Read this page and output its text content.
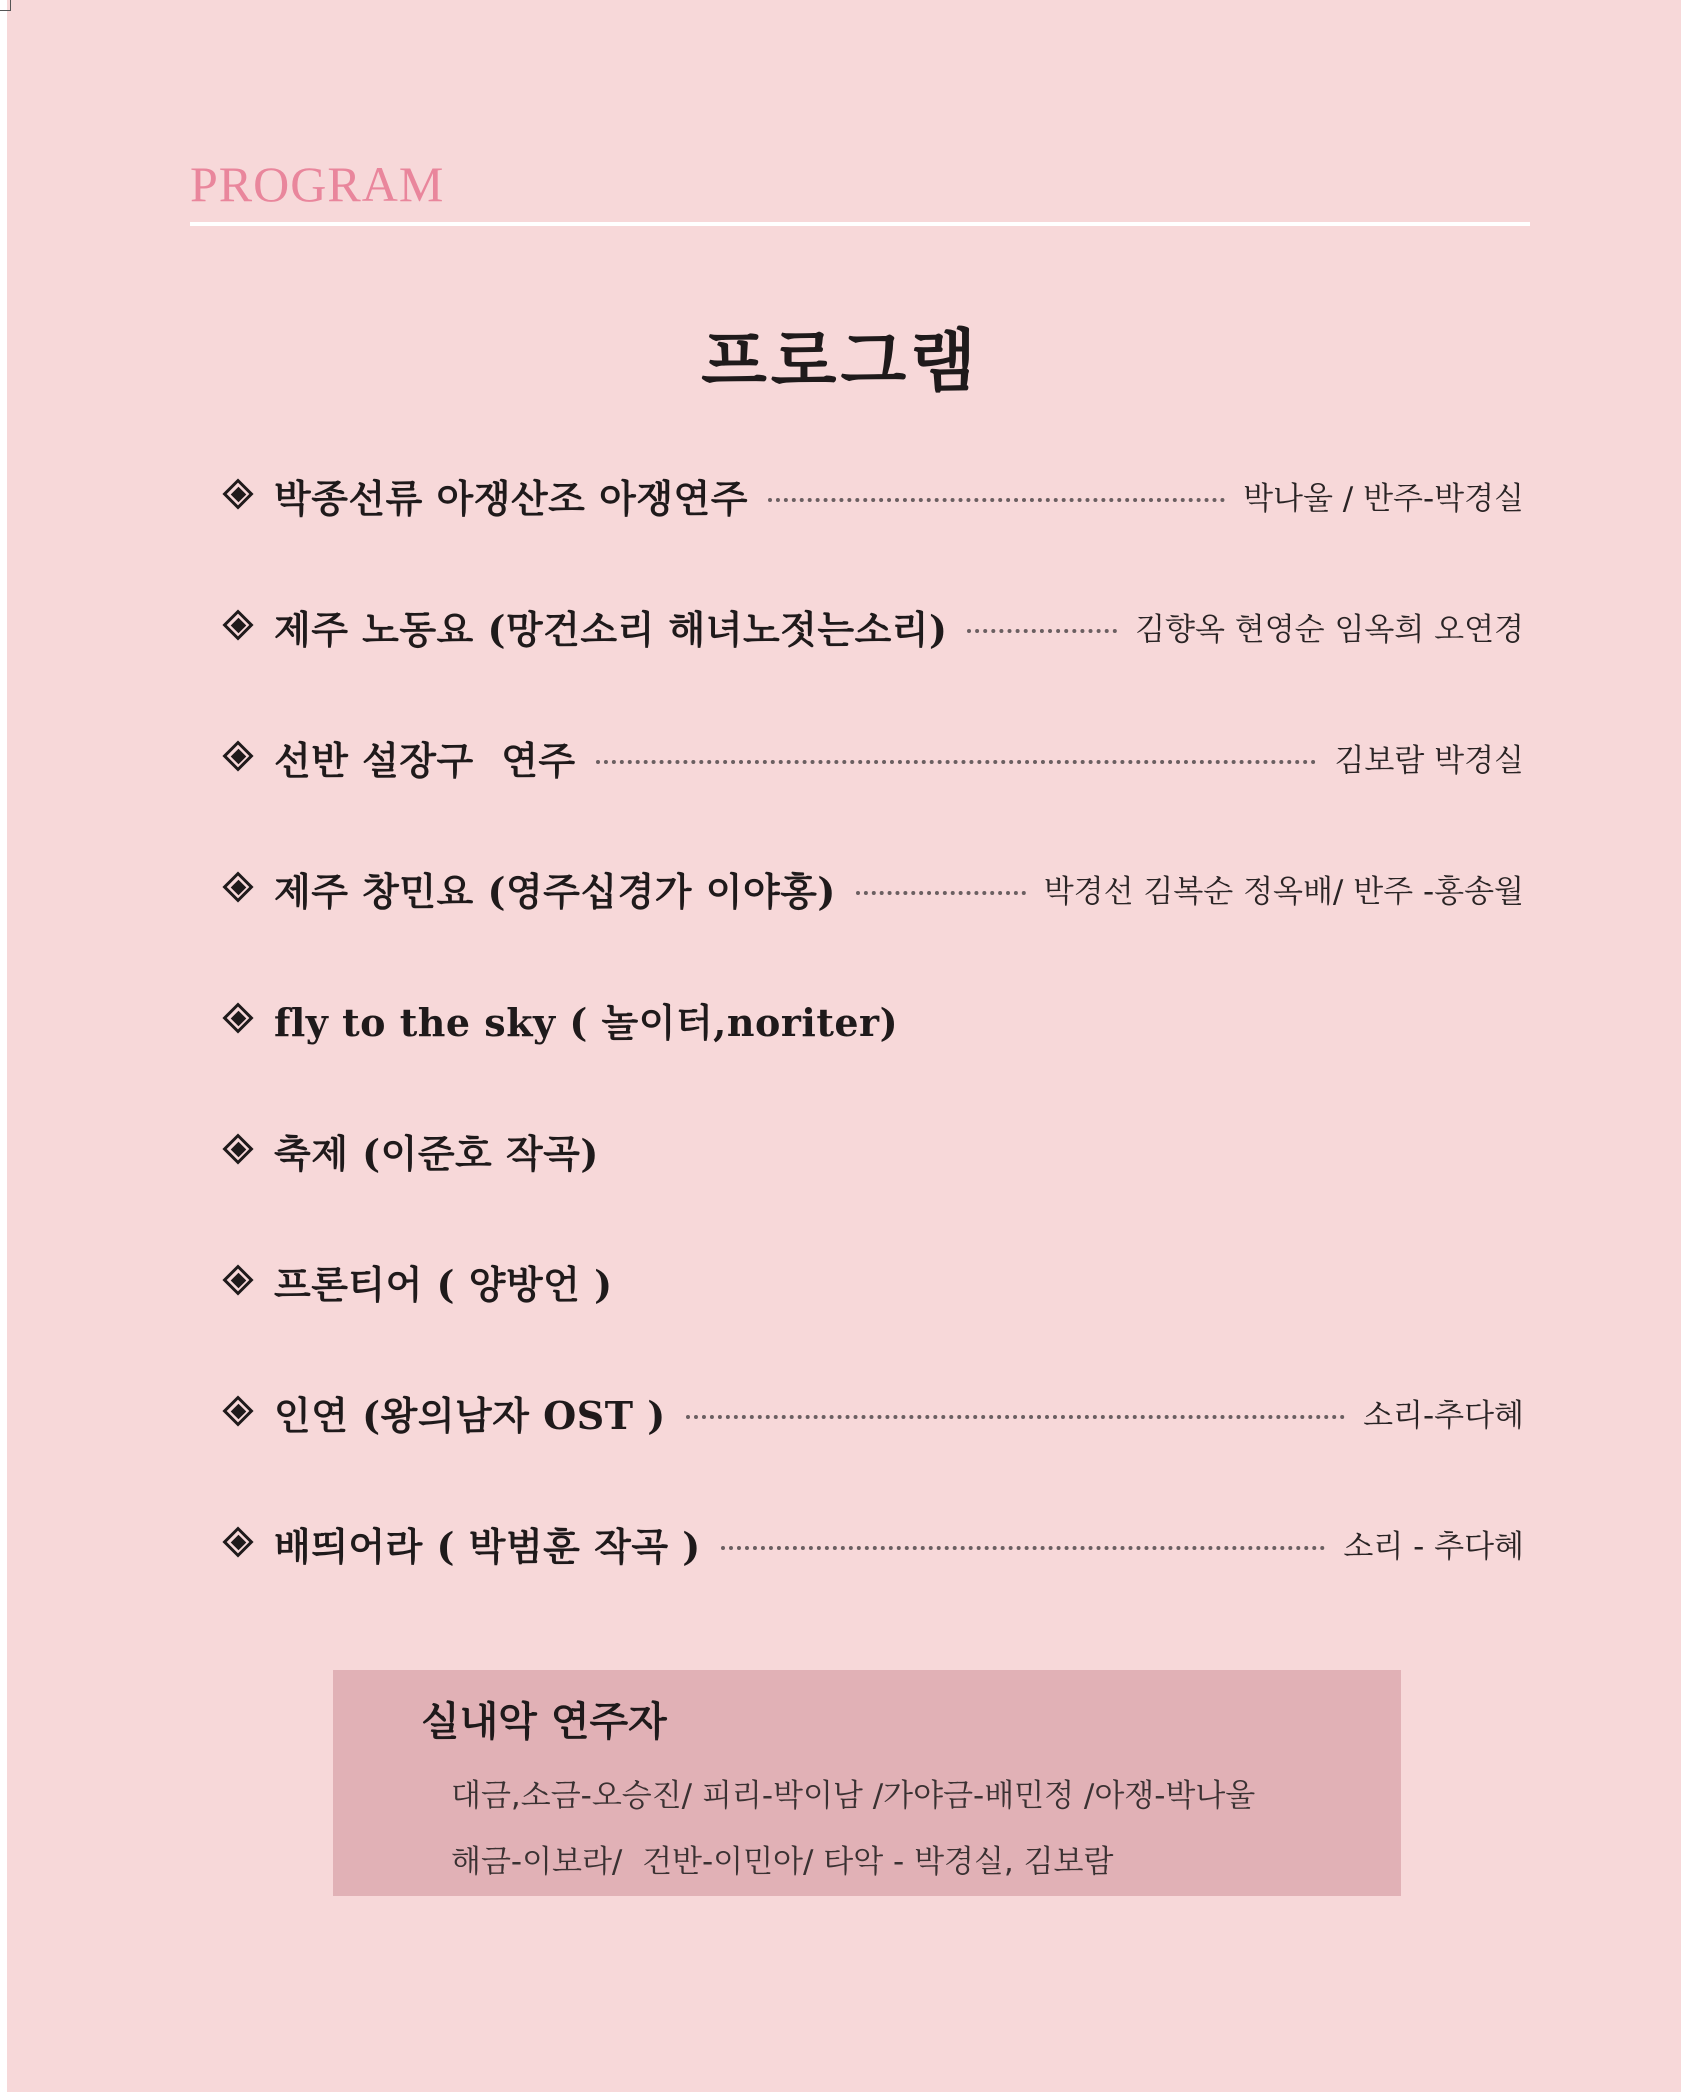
PROGRAM
프로그램
박종선류 아쟁산조 아쟁연주	박나울 / 반주-박경실
제주 노동요 (망건소리 해녀노젓는소리)	김향옥 현영순 임옥희 오연경
선반 설장구  연주	김보람 박경실
제주 창민요 (영주십경가 이야홍)	박경선 김복순 정옥배/ 반주 -홍송월
fly to the sky ( 놀이터,noriter)
축제 (이준호 작곡)
프론티어 ( 양방언 )
인연 (왕의남자 OST )	소리-추다혜
배띄어라 ( 박범훈 작곡 )	소리 - 추다혜
실내악 연주자
대금,소금-오승진/ 피리-박이남 /가야금-배민정 /아쟁-박나울
해금-이보라/  건반-이민아/ 타악 - 박경실, 김보람
